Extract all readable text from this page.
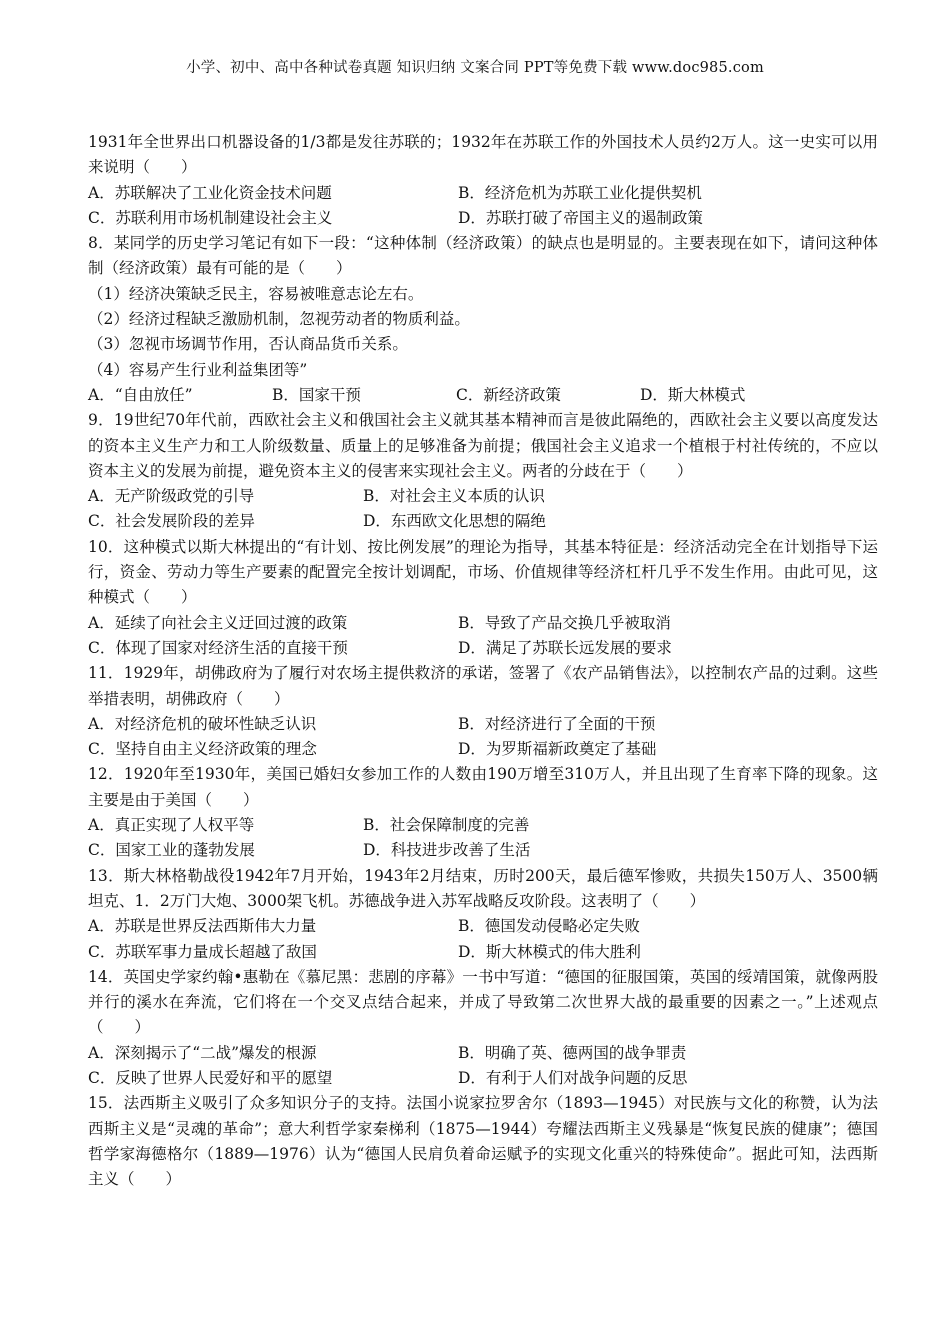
小学、初中、高中各种试卷真题 知识归纳 文案合同 PPT等免费下载 www.doc985.com

1931年全世界出口机器设备的1/3都是发往苏联的；1932年在苏联工作的外国技术人员约2万人。这一史实可以用来说明（　　）

A．苏联解决了工业化资金技术问题	B．经济危机为苏联工业化提供契机
C．苏联利用市场机制建设社会主义	D．苏联打破了帝国主义的遏制政策

8．某同学的历史学习笔记有如下一段：“这种体制（经济政策）的缺点也是明显的。主要表现在如下，请问这种体制（经济政策）最有可能的是（　　）

（1）经济决策缺乏民主，容易被唯意志论左右。

（2）经济过程缺乏激励机制，忽视劳动者的物质利益。

（3）忽视市场调节作用，否认商品货币关系。

（4）容易产生行业利益集团等”

A．“自由放任”	B．国家干预	C．新经济政策	D．斯大林模式

9．19世纪70年代前，西欧社会主义和俄国社会主义就其基本精神而言是彼此隔绝的，西欧社会主义要以高度发达的资本主义生产力和工人阶级数量、质量上的足够准备为前提；俄国社会主义追求一个植根于村社传统的，不应以资本主义的发展为前提，避免资本主义的侵害来实现社会主义。两者的分歧在于（　　）

A．无产阶级政党的引导	B．对社会主义本质的认识
C．社会发展阶段的差异	D．东西欧文化思想的隔绝

10．这种模式以斯大林提出的“有计划、按比例发展”的理论为指导，其基本特征是：经济活动完全在计划指导下运行，资金、劳动力等生产要素的配置完全按计划调配，市场、价值规律等经济杠杆几乎不发生作用。由此可见，这种模式（　　）

A．延续了向社会主义迂回过渡的政策	B．导致了产品交换几乎被取消
C．体现了国家对经济生活的直接干预	D．满足了苏联长远发展的要求

11．1929年，胡佛政府为了履行对农场主提供救济的承诺，签署了《农产品销售法》，以控制农产品的过剩。这些举措表明，胡佛政府（　　）

A．对经济危机的破坏性缺乏认识	B．对经济进行了全面的干预
C．坚持自由主义经济政策的理念	D．为罗斯福新政奠定了基础

12．1920年至1930年，美国已婚妇女参加工作的人数由190万增至310万人，并且出现了生育率下降的现象。这主要是由于美国（　　）

A．真正实现了人权平等	B．社会保障制度的完善
C．国家工业的蓬勃发展	D．科技进步改善了生活

13．斯大林格勒战役1942年7月开始，1943年2月结束，历时200天，最后德军惨败，共损失150万人、3500辆坦克、1．2万门大炮、3000架飞机。苏德战争进入苏军战略反攻阶段。这表明了（　　）

A．苏联是世界反法西斯伟大力量	B．德国发动侵略必定失败
C．苏联军事力量成长超越了敌国	D．斯大林模式的伟大胜利

14．英国史学家约翰•惠勒在《慕尼黑：悲剧的序幕》一书中写道：“德国的征服国策，英国的绥靖国策，就像两股并行的溪水在奔流，它们将在一个交叉点结合起来，并成了导致第二次世界大战的最重要的因素之一。”上述观点（　　）

A．深刻揭示了“二战”爆发的根源	B．明确了英、德两国的战争罪责
C．反映了世界人民爱好和平的愿望	D．有利于人们对战争问题的反思

15．法西斯主义吸引了众多知识分子的支持。法国小说家拉罗舍尔（1893—1945）对民族与文化的称赞，认为法西斯主义是“灵魂的革命”；意大利哲学家秦梯利（1875—1944）夸耀法西斯主义残暴是“恢复民族的健康”；德国哲学家海德格尔（1889—1976）认为“德国人民肩负着命运赋予的实现文化重兴的特殊使命”。据此可知，法西斯主义（　　）
